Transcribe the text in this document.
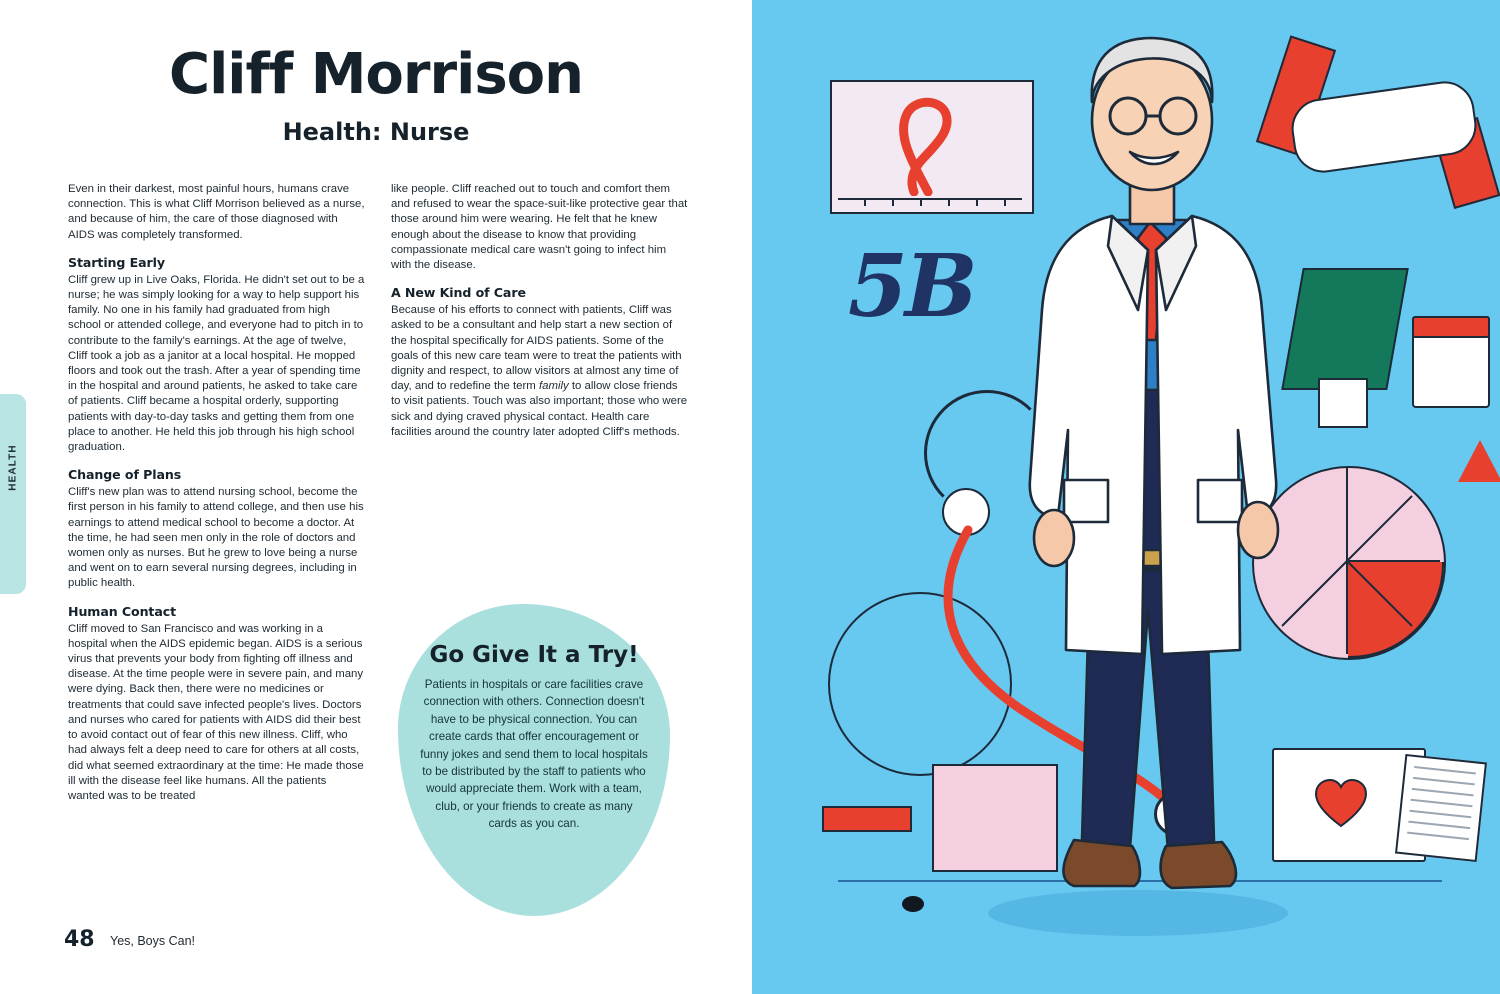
HEALTH
Cliff Morrison
Health: Nurse

Even in their darkest, most painful hours, humans crave connection. This is what Cliff Morrison believed as a nurse, and because of him, the care of those diagnosed with AIDS was completely transformed.

Starting Early

Cliff grew up in Live Oaks, Florida. He didn't set out to be a nurse; he was simply looking for a way to help support his family. No one in his family had graduated from high school or attended college, and everyone had to pitch in to contribute to the family's earnings. At the age of twelve, Cliff took a job as a janitor at a local hospital. He mopped floors and took out the trash. After a year of spending time in the hospital and around patients, he asked to take care of patients. Cliff became a hospital orderly, supporting patients with day-to-day tasks and getting them from one place to another. He held this job through his high school graduation.

Change of Plans

Cliff's new plan was to attend nursing school, become the first person in his family to attend college, and then use his earnings to attend medical school to become a doctor. At the time, he had seen men only in the role of doctors and women only as nurses. But he grew to love being a nurse and went on to earn several nursing degrees, including in public health.

Human Contact

Cliff moved to San Francisco and was working in a hospital when the AIDS epidemic began. AIDS is a serious virus that prevents your body from fighting off illness and disease. At the time people were in severe pain, and many were dying. Back then, there were no medicines or treatments that could save infected people's lives. Doctors and nurses who cared for patients with AIDS did their best to avoid contact out of fear of this new illness. Cliff, who had always felt a deep need to care for others at all costs, did what seemed extraordinary at the time: He made those ill with the disease feel like humans. All the patients wanted was to be treated

like people. Cliff reached out to touch and comfort them and refused to wear the space-suit-like protective gear that those around him were wearing. He felt that he knew enough about the disease to know that providing compassionate medical care wasn't going to infect him with the disease.

A New Kind of Care

Because of his efforts to connect with patients, Cliff was asked to be a consultant and help start a new section of the hospital specifically for AIDS patients. Some of the goals of this new care team were to treat the patients with dignity and respect, to allow visitors at almost any time of day, and to redefine the term family to allow close friends to visit patients. Touch was also important; those who were sick and dying craved physical contact. Health care facilities around the country later adopted Cliff's methods.

Go Give It a Try!
Patients in hospitals or care facilities crave connection with others. Connection doesn't have to be physical connection. You can create cards that offer encouragement or funny jokes and send them to local hospitals to be distributed by the staff to patients who would appreciate them. Work with a team, club, or your friends to create as many cards as you can.
48 Yes, Boys Can!
5B
